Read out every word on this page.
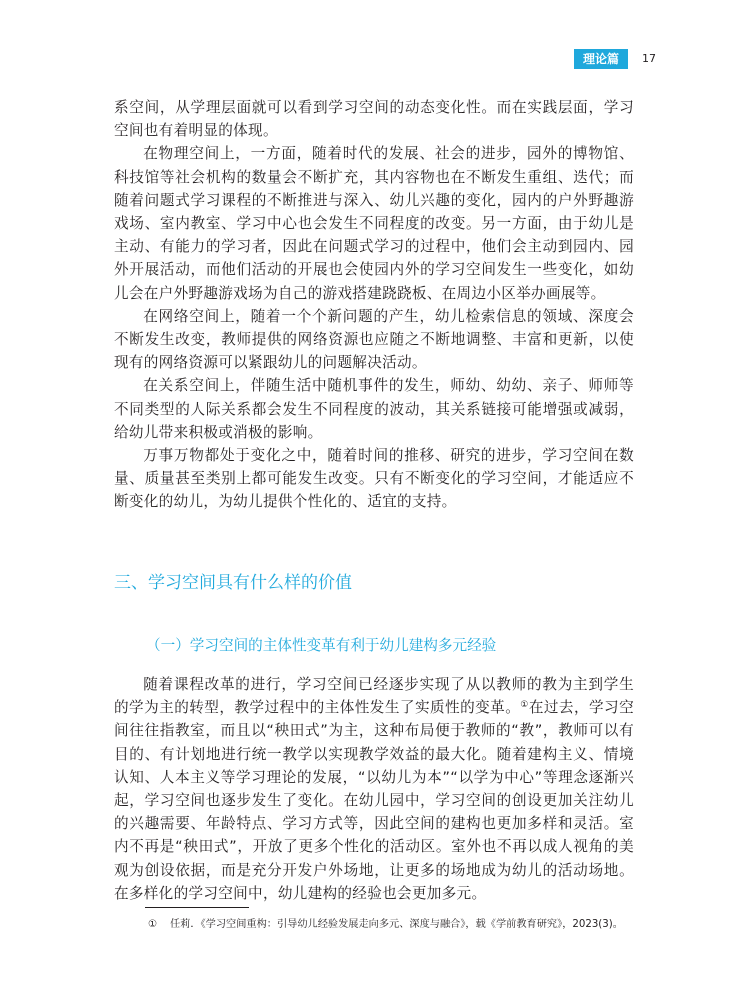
理论篇	17

系空间，从学理层面就可以看到学习空间的动态变化性。而在实践层面，学习空间也有着明显的体现。

在物理空间上，一方面，随着时代的发展、社会的进步，园外的博物馆、科技馆等社会机构的数量会不断扩充，其内容物也在不断发生重组、迭代；而随着问题式学习课程的不断推进与深入、幼儿兴趣的变化，园内的户外野趣游戏场、室内教室、学习中心也会发生不同程度的改变。另一方面，由于幼儿是主动、有能力的学习者，因此在问题式学习的过程中，他们会主动到园内、园外开展活动，而他们活动的开展也会使园内外的学习空间发生一些变化，如幼儿会在户外野趣游戏场为自己的游戏搭建跷跷板、在周边小区举办画展等。

在网络空间上，随着一个个新问题的产生，幼儿检索信息的领域、深度会不断发生改变，教师提供的网络资源也应随之不断地调整、丰富和更新，以使现有的网络资源可以紧跟幼儿的问题解决活动。

在关系空间上，伴随生活中随机事件的发生，师幼、幼幼、亲子、师师等不同类型的人际关系都会发生不同程度的波动，其关系链接可能增强或减弱，给幼儿带来积极或消极的影响。

万事万物都处于变化之中，随着时间的推移、研究的进步，学习空间在数量、质量甚至类别上都可能发生改变。只有不断变化的学习空间，才能适应不断变化的幼儿，为幼儿提供个性化的、适宜的支持。

三、学习空间具有什么样的价值
（一）学习空间的主体性变革有利于幼儿建构多元经验

随着课程改革的进行，学习空间已经逐步实现了从以教师的教为主到学生的学为主的转型，教学过程中的主体性发生了实质性的变革。①在过去，学习空间往往指教室，而且以“秧田式”为主，这种布局便于教师的“教”，教师可以有目的、有计划地进行统一教学以实现教学效益的最大化。随着建构主义、情境认知、人本主义等学习理论的发展，“以幼儿为本”“以学为中心”等理念逐渐兴起，学习空间也逐步发生了变化。在幼儿园中，学习空间的创设更加关注幼儿的兴趣需要、年龄特点、学习方式等，因此空间的建构也更加多样和灵活。室内不再是“秧田式”，开放了更多个性化的活动区。室外也不再以成人视角的美观为创设依据，而是充分开发户外场地，让更多的场地成为幼儿的活动场地。在多样化的学习空间中，幼儿建构的经验也会更加多元。

① 任莉．《学习空间重构：引导幼儿经验发展走向多元、深度与融合》，载《学前教育研究》，2023(3)。
